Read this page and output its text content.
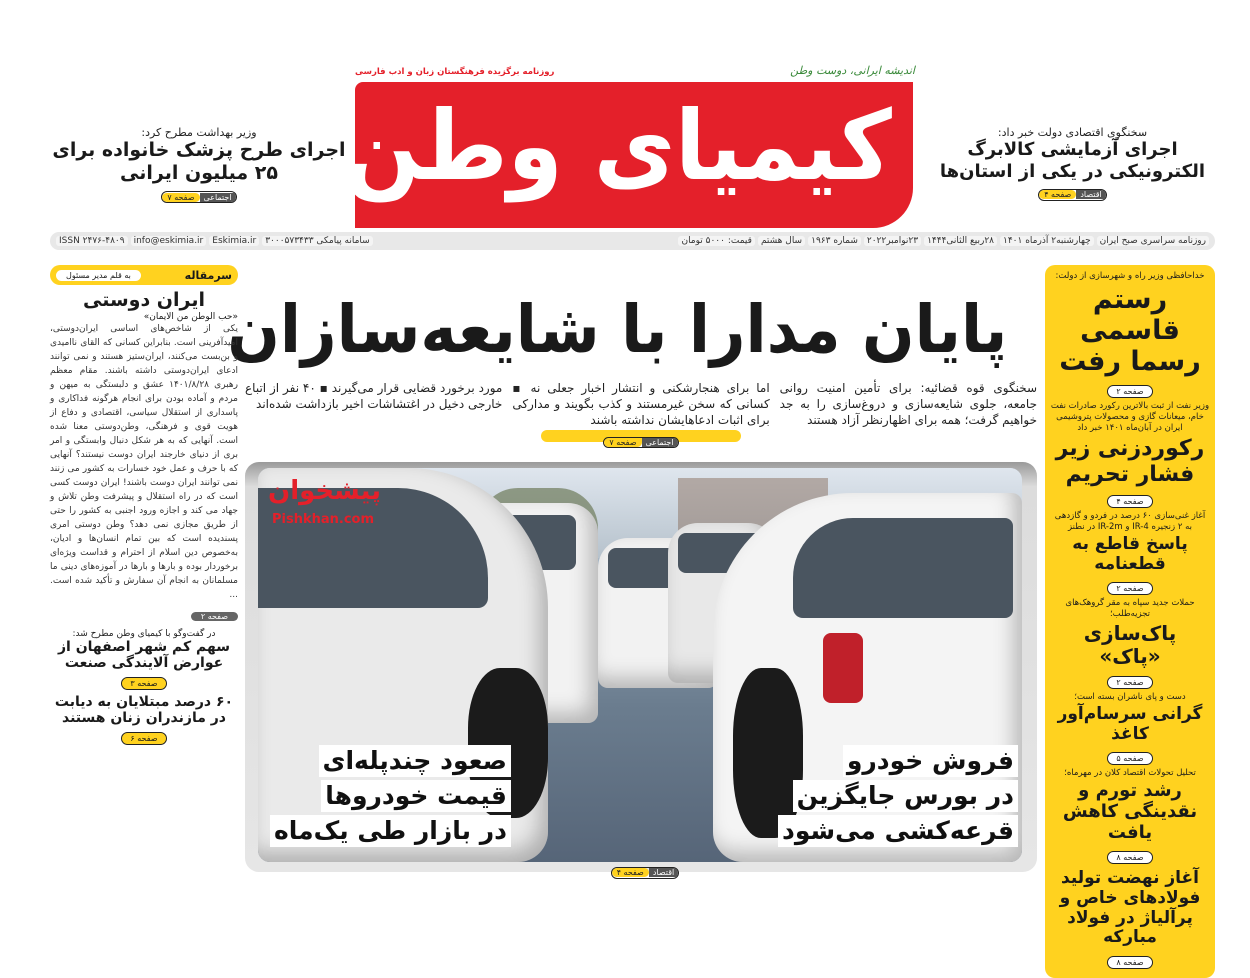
اندیشه ایرانی، دوست وطن
روزنامه برگزیده فرهنگستان زبان و ادب فارسی
کیمیای وطن	سخنگوی اقتصادی دولت خبر داد:
اجرای آزمایشی کالابرگ الکترونیکی در یکی از استان‌ها
اقتصاد
صفحه ۴
وزیر بهداشت مطرح کرد:
اجرای طرح پزشک خانواده برای ۲۵ میلیون ایرانی
اجتماعی
صفحه ۷
سامانه پیامکی ۳۰۰۰۵۷۳۴۳۳
Eskimia.ir
info@eskimia.ir
ISSN ۲۴۷۶-۴۸۰۹	روزنامه سراسری صبح ایران
چهارشنبه۲ آذرماه ۱۴۰۱
۲۸ربیع الثانی۱۴۴۴
۲۳نوامبر۲۰۲۲
شماره ۱۹۶۳
سال هشتم
قیمت: ۵۰۰۰ تومان
پایان مدارا با شایعه‌سازان
سخنگوی قوه قضائیه: برای تأمین امنیت روانی جامعه، جلوی شایعه‌سازی و دروغ‌سازی را به جد خواهیم گرفت؛ همه برای اظهارنظر آزاد هستند
اما برای هنجارشکنی و انتشار اخبار جعلی نه ▪ کسانی که سخن غیرمستند و کذب بگویند و مدارکی برای اثبات ادعاهایشان نداشته باشند
مورد برخورد قضایی قرار می‌گیرند ▪ ۴۰ نفر از اتباع خارجی دخیل در اغتشاشات اخیر بازداشت شده‌اند
اجتماعی
صفحه ۷
فروش خودرو
در بورس جایگزین
قرعه‌کشی می‌شود
صعود چندپله‌ای
قیمت خودروها
در بازار طی یک‌ماه
اقتصاد
صفحه ۴
پیشخوان
Pishkhan.com
سرمقاله
به قلم مدیر مسئول
ایران دوستی
«حب الوطن من الایمان»
یکی از شاخص‌های اساسی ایران‌دوستی، امیدآفرینی است. بنابراین کسانی که القای ناامیدی و بن‌بست می‌کنند، ایران‌ستیز هستند و نمی توانند ادعای ایران‌دوستی داشته باشند. مقام معظم رهبری ۱۴۰۱/۸/۲۸ عشق و دلبستگی به میهن و مردم و آماده بودن برای انجام هرگونه فداکاری و پاسداری از استقلال سیاسی، اقتصادی و دفاع از هویت قوی و فرهنگی، وطن‌دوستی معنا شده است. آنهایی که به هر شکل دنبال وابستگی و امر بری از دنیای خارجند ایران دوست نیستند؟ آنهایی که با حرف و عمل خود خسارات به کشور می زنند نمی توانند ایران دوست باشند! ایران دوست کسی است که در راه استقلال و پیشرفت وطن تلاش و جهاد می کند و اجازه ورود اجنبی به کشور را حتی از طریق مجازی نمی دهد؟ وطن دوستی امری پسندیده است که بین تمام انسان‌ها و ادیان، به‌خصوص دین اسلام از احترام و قداست ویژه‌ای برخوردار بوده و بارها و بارها در آموزه‌های دینی ما مسلمانان به انجام آن سفارش و تأکید شده است. ...
صفحه ۲
در گفت‌وگو با کیمیای وطن مطرح شد:
سهم کم شهر اصفهان از عوارض آلایندگی صنعت
صفحه ۳
۶۰ درصد مبتلایان به دیابت در مازندران زنان هستند
صفحه ۶
خداحافظی وزیر راه و شهرسازی از دولت:
رستم قاسمی رسما رفت
صفحه ۲
وزیر نفت از ثبت بالاترین رکورد صادرات نفت خام، میعانات گازی و محصولات پتروشیمی ایران در آبان‌ماه ۱۴۰۱ خبر داد
رکوردزنی زیر فشار تحریم
صفحه ۴
آغاز غنی‌سازی ۶۰ درصد در فردو و گازدهی به ۲ زنجیره IR-4 و IR-2m در نطنز
پاسخ قاطع به قطعنامه
صفحه ۲
حملات جدید سپاه به مقر گروهک‌های تجزیه‌طلب؛
پاک‌سازی «پاک»
صفحه ۲
دست و پای ناشران بسته است؛
گرانی سرسام‌آور کاغذ
صفحه ۵
تحلیل تحولات اقتصاد کلان در مهرماه؛
رشد تورم و نقدینگی کاهش یافت
صفحه ۸
آغاز نهضت تولید فولادهای خاص و پرآلیاژ در فولاد مبارکه
صفحه ۸
